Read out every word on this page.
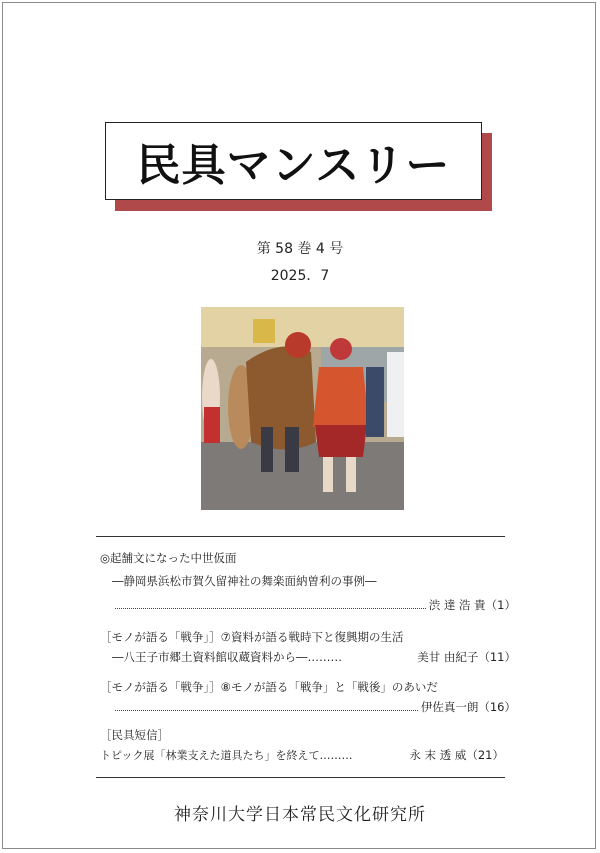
民具マンスリー
第 58 巻 4 号
2025．7
◎起舗文になった中世仮面
―静岡県浜松市賀久留神社の舞楽面納曽利の事例―
渋 達 浩 貴（1）
［モノが語る「戦争」］⑦資料が語る戦時下と復興期の生活
―八王子市郷土資料館収蔵資料から―………	美甘 由紀子（11）
［モノが語る「戦争」］⑧モノが語る「戦争」と「戦後」のあいだ
伊佐真一朗（16）
［民具短信］
トピック展「林業支えた道具たち」を終えて………	永 末 透 威（21）
神奈川大学日本常民文化研究所
